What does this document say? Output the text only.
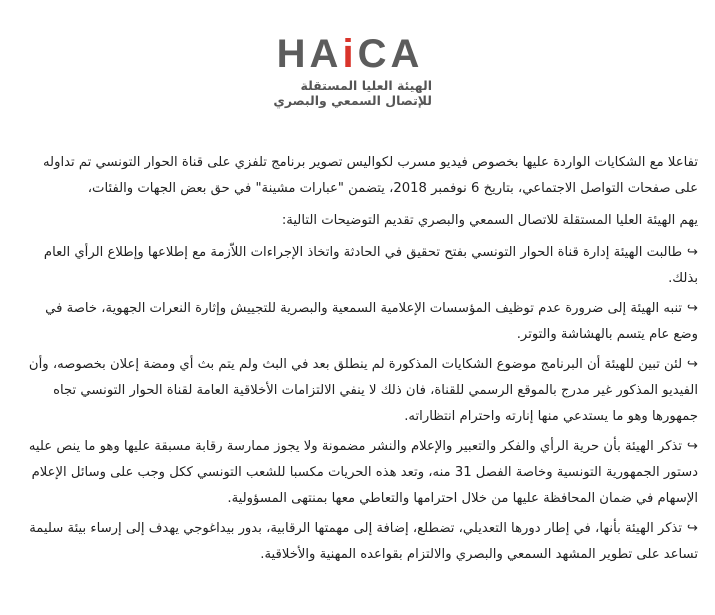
HAiCA
الهيئة العليا المستقلة
للإتصال السمعي والبصري

تفاعلا مع الشكايات الواردة عليها بخصوص فيديو مسرب لكواليس تصوير برنامج تلفزي على قناة الحوار التونسي تم تداوله على صفحات التواصل الاجتماعي، بتاريخ 6 نوفمبر 2018، يتضمن "عبارات مشينة" في حق بعض الجهات والفئات،

يهم الهيئة العليا المستقلة للاتصال السمعي والبصري تقديم التوضيحات التالية:

↩طالبت الهيئة إدارة قناة الحوار التونسي بفتح تحقيق في الحادثة واتخاذ الإجراءات اللاّزمة مع إطلاعها وإطلاع الرأي العام بذلك.
↩تنبه الهيئة إلى ضرورة عدم توظيف المؤسسات الإعلامية السمعية والبصرية للتجييش وإثارة النعرات الجهوية، خاصة في وضع عام يتسم بالهشاشة والتوتر.
↩لئن تبين للهيئة أن البرنامج موضوع الشكايات المذكورة لم ينطلق بعد في البث ولم يتم بث أي ومضة إعلان بخصوصه، وأن الفيديو المذكور غير مدرج بالموقع الرسمي للقناة، فان ذلك لا ينفي الالتزامات الأخلاقية العامة لقناة الحوار التونسي تجاه جمهورها وهو ما يستدعي منها إنارته واحترام انتظاراته.
↩تذكر الهيئة بأن حرية الرأي والفكر والتعبير والإعلام والنشر مضمونة ولا يجوز ممارسة رقابة مسبقة عليها وهو ما ينص عليه دستور الجمهورية التونسية وخاصة الفصل 31 منه، وتعد هذه الحريات مكسبا للشعب التونسي ككل وجب على وسائل الإعلام الإسهام في ضمان المحافظة عليها من خلال احترامها والتعاطي معها بمنتهى المسؤولية.
↩تذكر الهيئة بأنها، في إطار دورها التعديلي، تضطلع، إضافة إلى مهمتها الرقابية، بدور بيداغوجي يهدف إلى إرساء بيئة سليمة تساعد على تطوير المشهد السمعي والبصري والالتزام بقواعده المهنية والأخلاقية.
